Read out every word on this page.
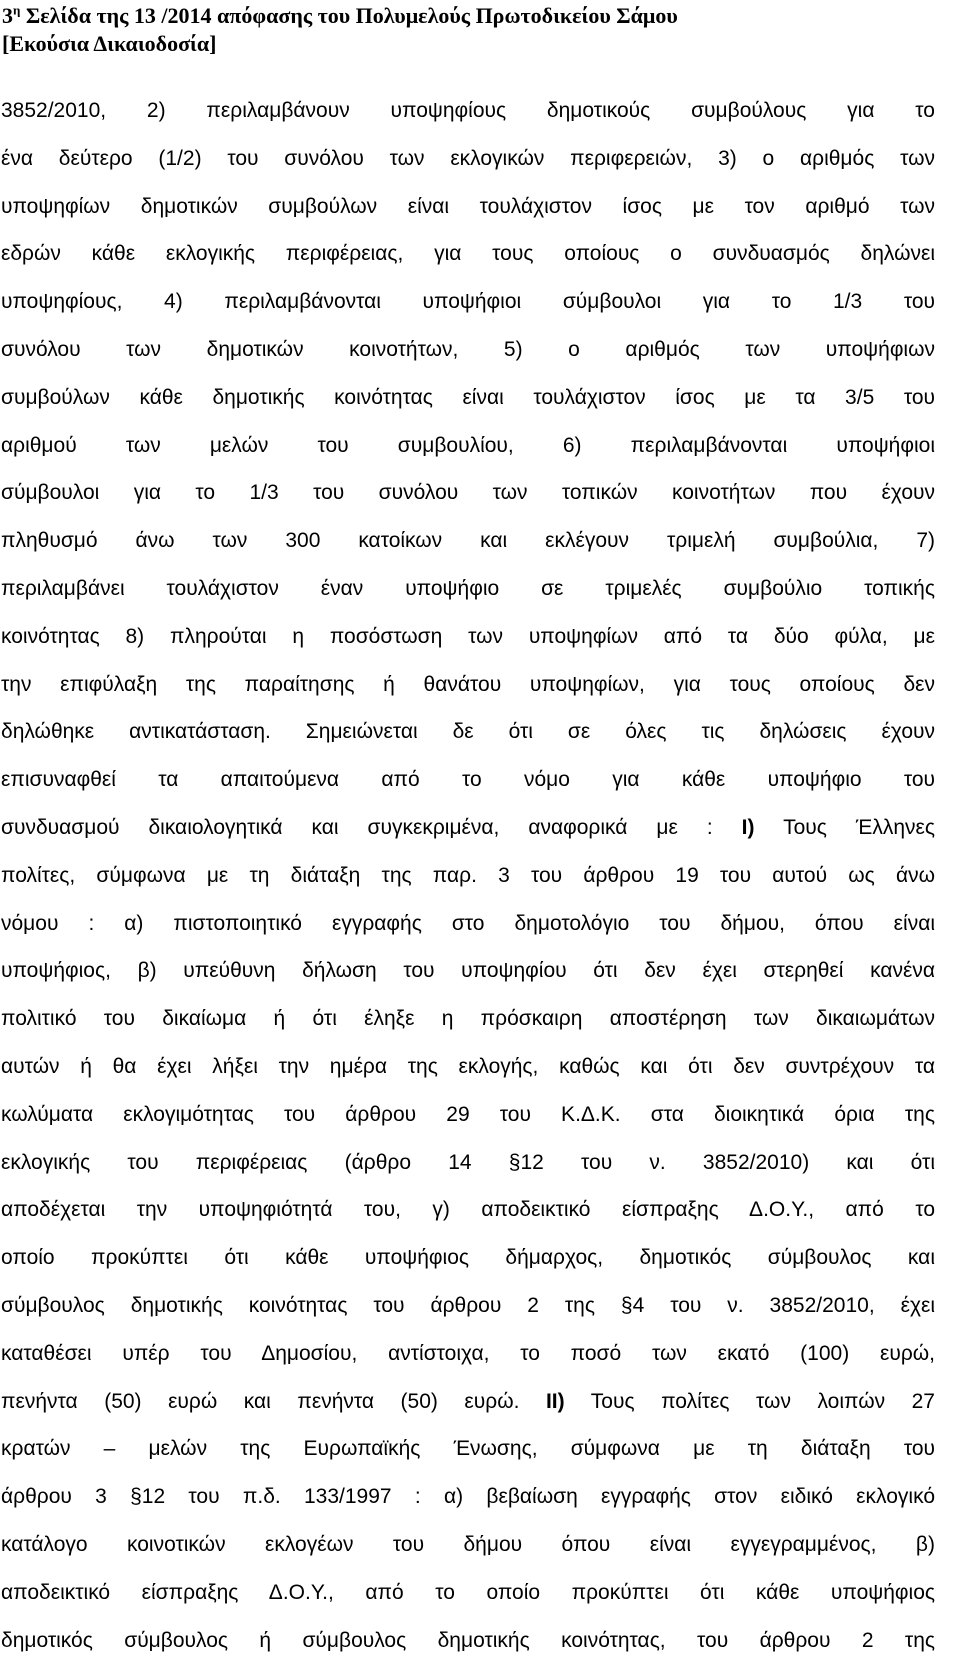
$3^\eta$ Σελίδα της 13 /2014 απόφασης του Πολυμελούς Πρωτοδικείου Σάμου
[Εκούσια Δικαιοδοσία]
3852/2010, 2) περιλαμβάνουν υποψηφίους δημοτικούς συμβούλους για το
ένα δεύτερο (1/2) του συνόλου των εκλογικών περιφερειών, 3) ο αριθμός των
υποψηφίων δημοτικών συμβούλων είναι τουλάχιστον ίσος με τον αριθμό των
εδρών κάθε εκλογικής περιφέρειας, για τους οποίους ο συνδυασμός δηλώνει
υποψηφίους, 4) περιλαμβάνονται υποψήφιοι σύμβουλοι για το 1/3 του
συνόλου των δημοτικών κοινοτήτων, 5) ο αριθμός των υποψήφιων
συμβούλων κάθε δημοτικής κοινότητας είναι τουλάχιστον ίσος με τα 3/5 του
αριθμού των μελών του συμβουλίου, 6) περιλαμβάνονται υποψήφιοι
σύμβουλοι για το 1/3 του συνόλου των τοπικών κοινοτήτων που έχουν
πληθυσμό άνω των 300 κατοίκων και εκλέγουν τριμελή συμβούλια, 7)
περιλαμβάνει τουλάχιστον έναν υποψήφιο σε τριμελές συμβούλιο τοπικής
κοινότητας 8) πληρούται η ποσόστωση των υποψηφίων από τα δύο φύλα, με
την επιφύλαξη της παραίτησης ή θανάτου υποψηφίων, για τους οποίους δεν
δηλώθηκε αντικατάσταση. Σημειώνεται δε ότι σε όλες τις δηλώσεις έχουν
επισυναφθεί τα απαιτούμενα από το νόμο για κάθε υποψήφιο του
συνδυασμού δικαιολογητικά και συγκεκριμένα, αναφορικά με : Ι) Τους Έλληνες
πολίτες, σύμφωνα με τη διάταξη της παρ. 3 του άρθρου 19 του αυτού ως άνω
νόμου : α) πιστοποιητικό εγγραφής στο δημοτολόγιο του δήμου, όπου είναι
υποψήφιος, β) υπεύθυνη δήλωση του υποψηφίου ότι δεν έχει στερηθεί κανένα
πολιτικό του δικαίωμα ή ότι έληξε η πρόσκαιρη αποστέρηση των δικαιωμάτων
αυτών ή θα έχει λήξει την ημέρα της εκλογής, καθώς και ότι δεν συντρέχουν τα
κωλύματα εκλογιμότητας του άρθρου 29 του Κ.Δ.Κ. στα διοικητικά όρια της
εκλογικής του περιφέρειας (άρθρο 14 §12 του ν. 3852/2010) και ότι
αποδέχεται την υποψηφιότητά του, γ) αποδεικτικό είσπραξης Δ.Ο.Υ., από το
οποίο προκύπτει ότι κάθε υποψήφιος δήμαρχος, δημοτικός σύμβουλος και
σύμβουλος δημοτικής κοινότητας του άρθρου 2 της §4 του ν. 3852/2010, έχει
καταθέσει υπέρ του Δημοσίου, αντίστοιχα, το ποσό των εκατό (100) ευρώ,
πενήντα (50) ευρώ και πενήντα (50) ευρώ. ΙΙ) Τους πολίτες των λοιπών 27
κρατών – μελών της Ευρωπαϊκής Ένωσης, σύμφωνα με τη διάταξη του
άρθρου 3 §12 του π.δ. 133/1997 : α) βεβαίωση εγγραφής στον ειδικό εκλογικό
κατάλογο κοινοτικών εκλογέων του δήμου όπου είναι εγγεγραμμένος, β)
αποδεικτικό είσπραξης Δ.Ο.Υ., από το οποίο προκύπτει ότι κάθε υποψήφιος
δημοτικός σύμβουλος ή σύμβουλος δημοτικής κοινότητας, του άρθρου 2 της
